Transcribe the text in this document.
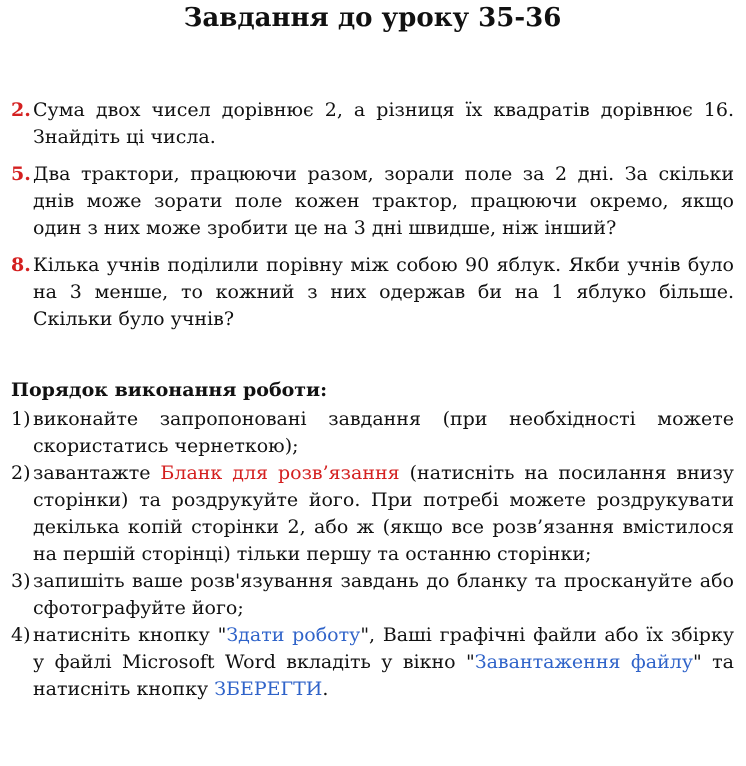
Завдання до уроку 35-36
2. Сума двох чисел дорівнює 2, а різниця їх квадратів дорівнює 16. Знайдіть ці числа.
5. Два трактори, працюючи разом, зорали поле за 2 дні. За скільки днів може зорати поле кожен трактор, працюючи окремо, якщо один з них може зробити це на 3 дні швидше, ніж інший?
8. Кілька учнів поділили порівну між собою 90 яблук. Якби учнів було на 3 менше, то кожний з них одержав би на 1 яблуко більше. Скільки було учнів?
Порядок виконання роботи:
1) виконайте запропоновані завдання (при необхідності можете скористатись чернеткою);
2) завантажте Бланк для розв’язання (натисніть на посилання внизу сторінки) та роздрукуйте його. При потребі можете роздрукувати декілька копій сторінки 2, або ж (якщо все розв’язання вмістилося на першій сторінці) тільки першу та останню сторінки;
3) запишіть ваше розв'язування завдань до бланку та проскануйте або сфотографуйте його;
4) натисніть кнопку "Здати роботу", Ваші графічні файли або їх збірку у файлі Microsoft Word вкладіть у вікно "Завантаження файлу" та натисніть кнопку ЗБЕРЕГТИ.
